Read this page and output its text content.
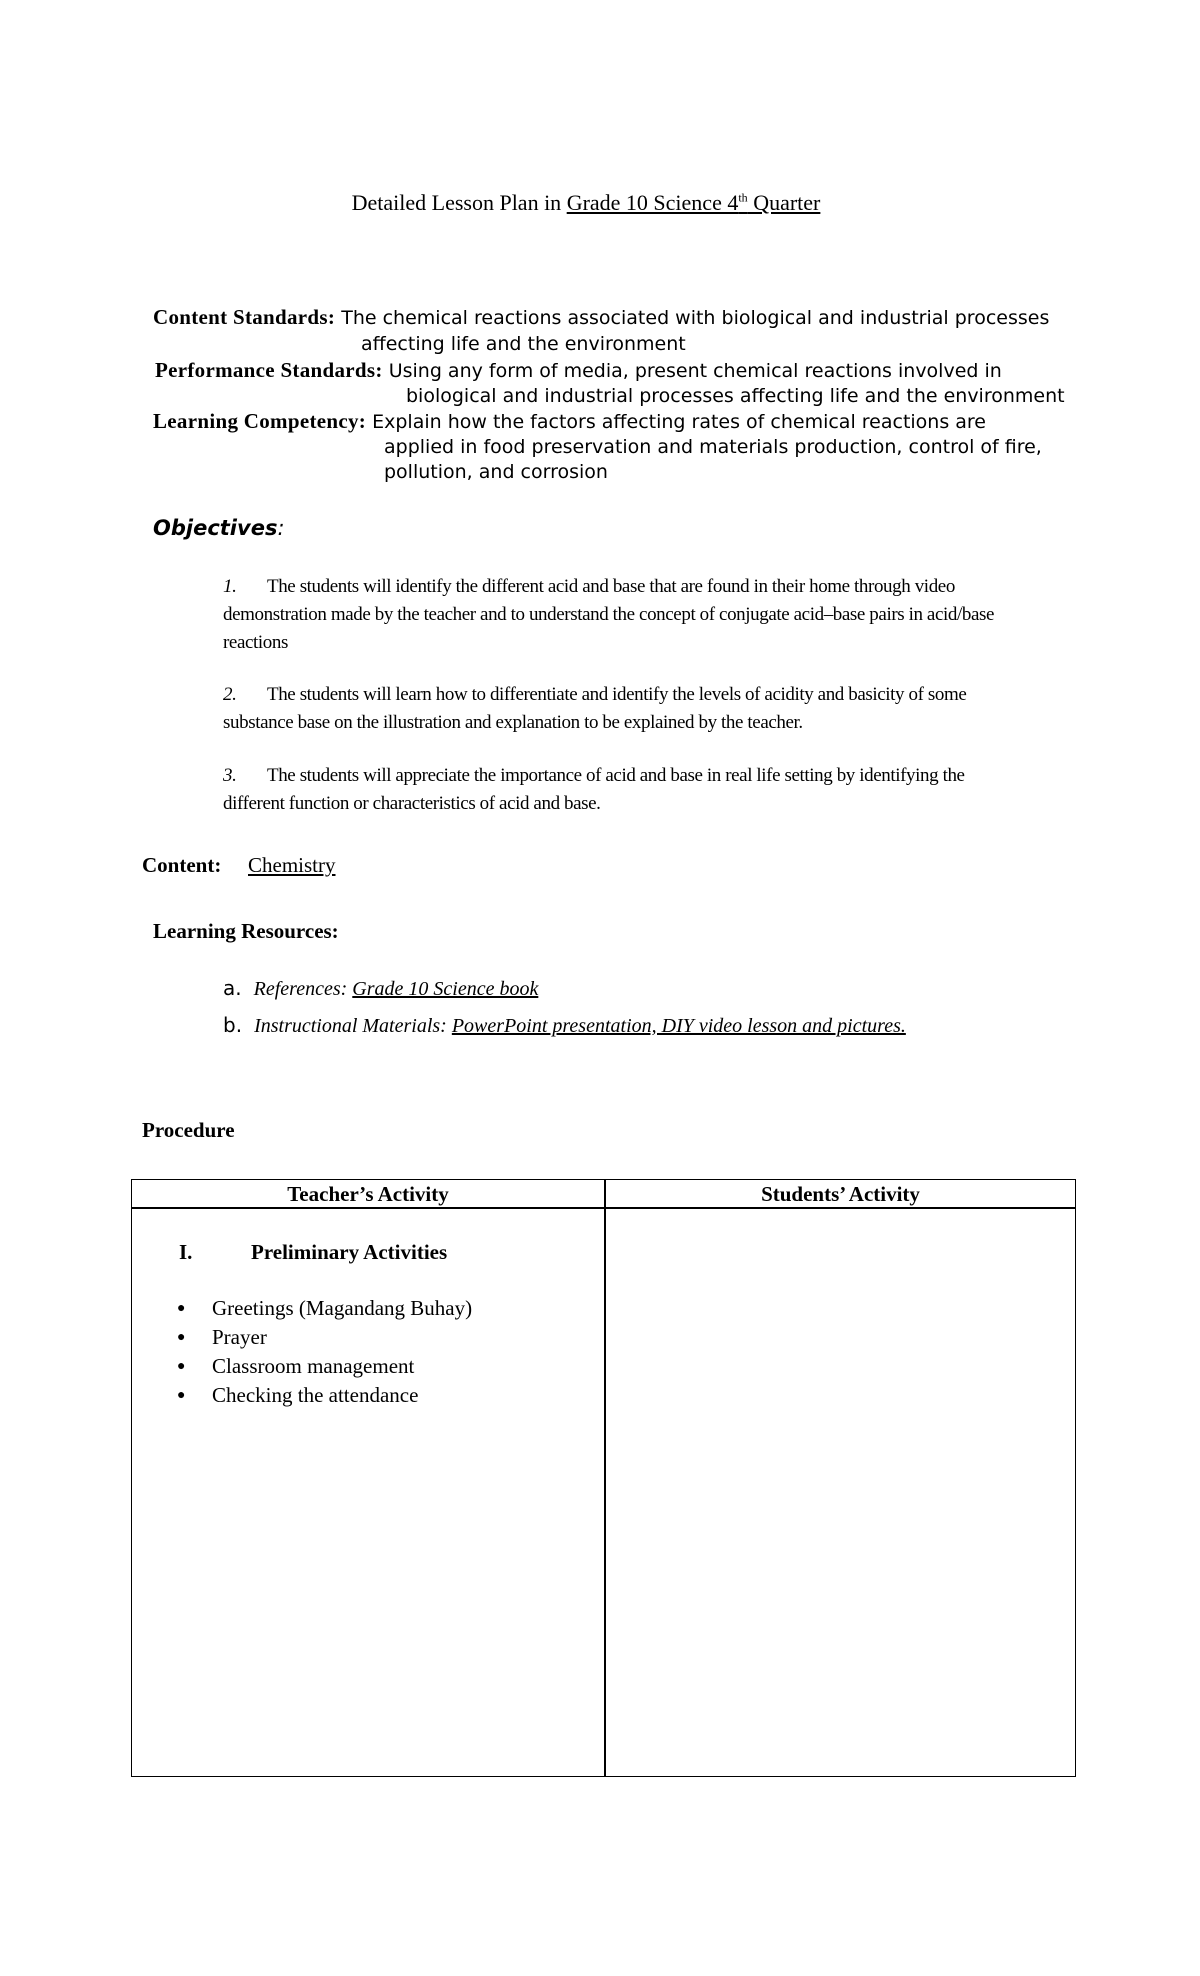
Detailed Lesson Plan in Grade 10 Science 4th Quarter
Content Standards: The chemical reactions associated with biological and industrial processes
affecting life and the environment
Performance Standards: Using any form of media, present chemical reactions involved in
biological and industrial processes affecting life and the environment
Learning Competency: Explain how the factors affecting rates of chemical reactions are
applied in food preservation and materials production, control of fire,
pollution, and corrosion
Objectives:
1. The students will identify the different acid and base that are found in their home through video demonstration made by the teacher and to understand the concept of conjugate acid–base pairs in acid/base reactions
2. The students will learn how to differentiate and identify the levels of acidity and basicity of some substance base on the illustration and explanation to be explained by the teacher.
3. The students will appreciate the importance of acid and base in real life setting by identifying the different function or characteristics of acid and base.
Content: Chemistry
Learning Resources:
a. References: Grade 10 Science book
b. Instructional Materials: PowerPoint presentation, DIY video lesson and pictures.
Procedure
Teacher’s Activity	Students’ Activity
I.	Preliminary Activities
● Greetings (Magandang Buhay)
● Prayer
● Classroom management
● Checking the attendance
